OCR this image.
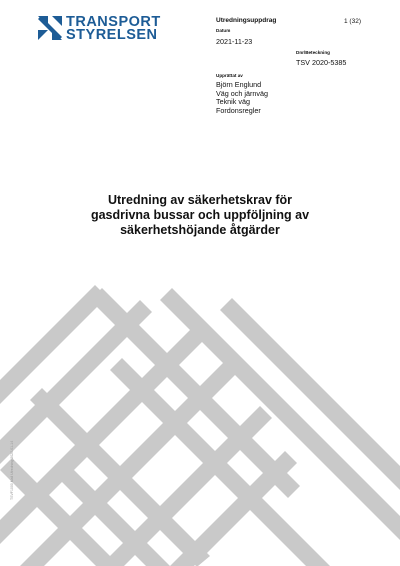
TRANSPORT
STYRELSEN
Utredningsuppdrag	1 (32)
Datum
2021-11-23
Dnr/Beteckning
TSV 2020-5385
Upprättat av
Björn Englund
Väg och järnväg
Teknik väg
Fordonsregler
Utredning av säkerhetskrav för
gasdrivna bussar och uppföljning av
säkerhetshöjande åtgärder
TSVF1000 Mall Utredning 2020-01-14
